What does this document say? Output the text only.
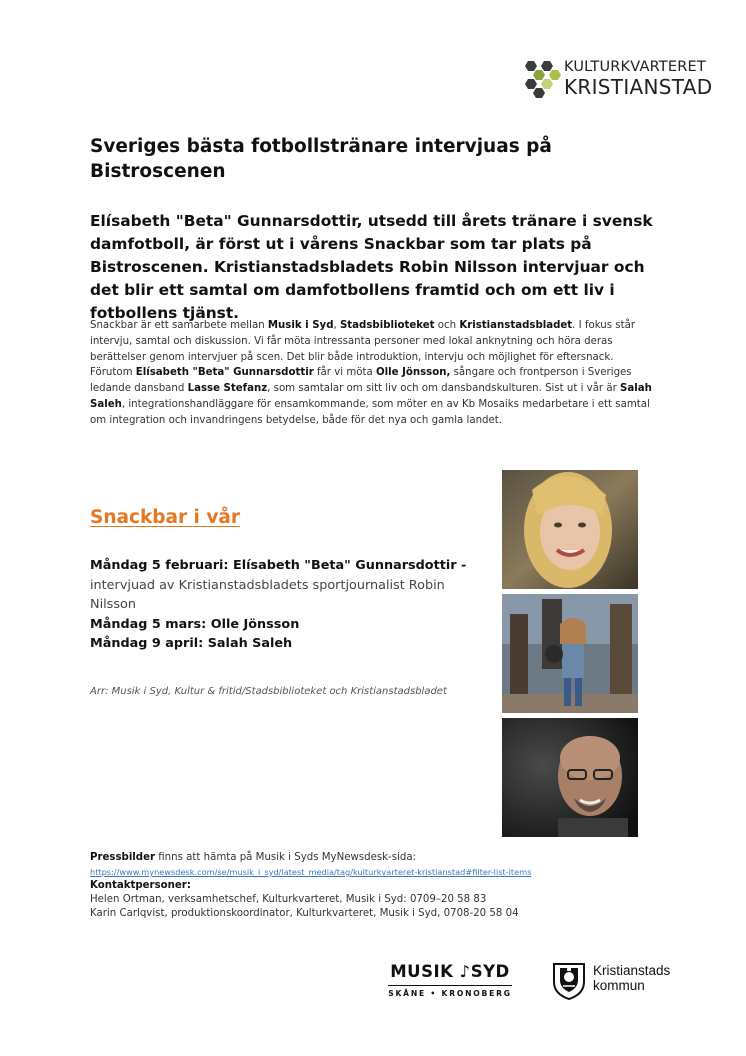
KULTURKVARTERET
KRISTIANSTAD
Sveriges bästa fotbollstränare intervjuas på Bistroscenen

Elísabeth "Beta" Gunnarsdottir, utsedd till årets tränare i svensk damfotboll, är först ut i vårens Snackbar som tar plats på Bistroscenen. Kristianstadsbladets Robin Nilsson intervjuar och det blir ett samtal om damfotbollens framtid och om ett liv i fotbollens tjänst.

Snackbar är ett samarbete mellan Musik i Syd, Stadsbiblioteket och Kristianstadsbladet. I fokus står intervju, samtal och diskussion. Vi får möta intressanta personer med lokal anknytning och höra deras berättelser genom intervjuer på scen. Det blir både introduktion, intervju och möjlighet för eftersnack. Förutom Elísabeth "Beta" Gunnarsdottir får vi möta Olle Jönsson, sångare och frontperson i Sveriges ledande dansband Lasse Stefanz, som samtalar om sitt liv och om dansbandskulturen. Sist ut i vår är Salah Saleh, integrationshandläggare för ensamkommande, som möter en av Kb Mosaiks medarbetare i ett samtal om integration och invandringens betydelse, både för det nya och gamla landet.

Snackbar i vår
Måndag 5 februari: Elísabeth "Beta" Gunnarsdottir -
intervjuad av Kristianstadsbladets sportjournalist Robin Nilsson
Måndag 5 mars: Olle Jönsson
Måndag 9 april: Salah Saleh
Arr: Musik i Syd, Kultur & fritid/Stadsbiblioteket och Kristianstadsbladet
Pressbilder finns att hämta på Musik i Syds MyNewsdesk-sida:
https://www.mynewsdesk.com/se/musik_i_syd/latest_media/tag/kulturkvarteret-kristianstad#filter-list-items
Kontaktpersoner:
Helen Ortman, verksamhetschef, Kulturkvarteret, Musik i Syd: 0709–20 58 83
Karin Carlqvist, produktionskoordinator, Kulturkvarteret, Musik i Syd, 0708-20 58 04
MUSIK ♪SYD
SKÅNE • KRONOBERG
Kristianstads
kommun
